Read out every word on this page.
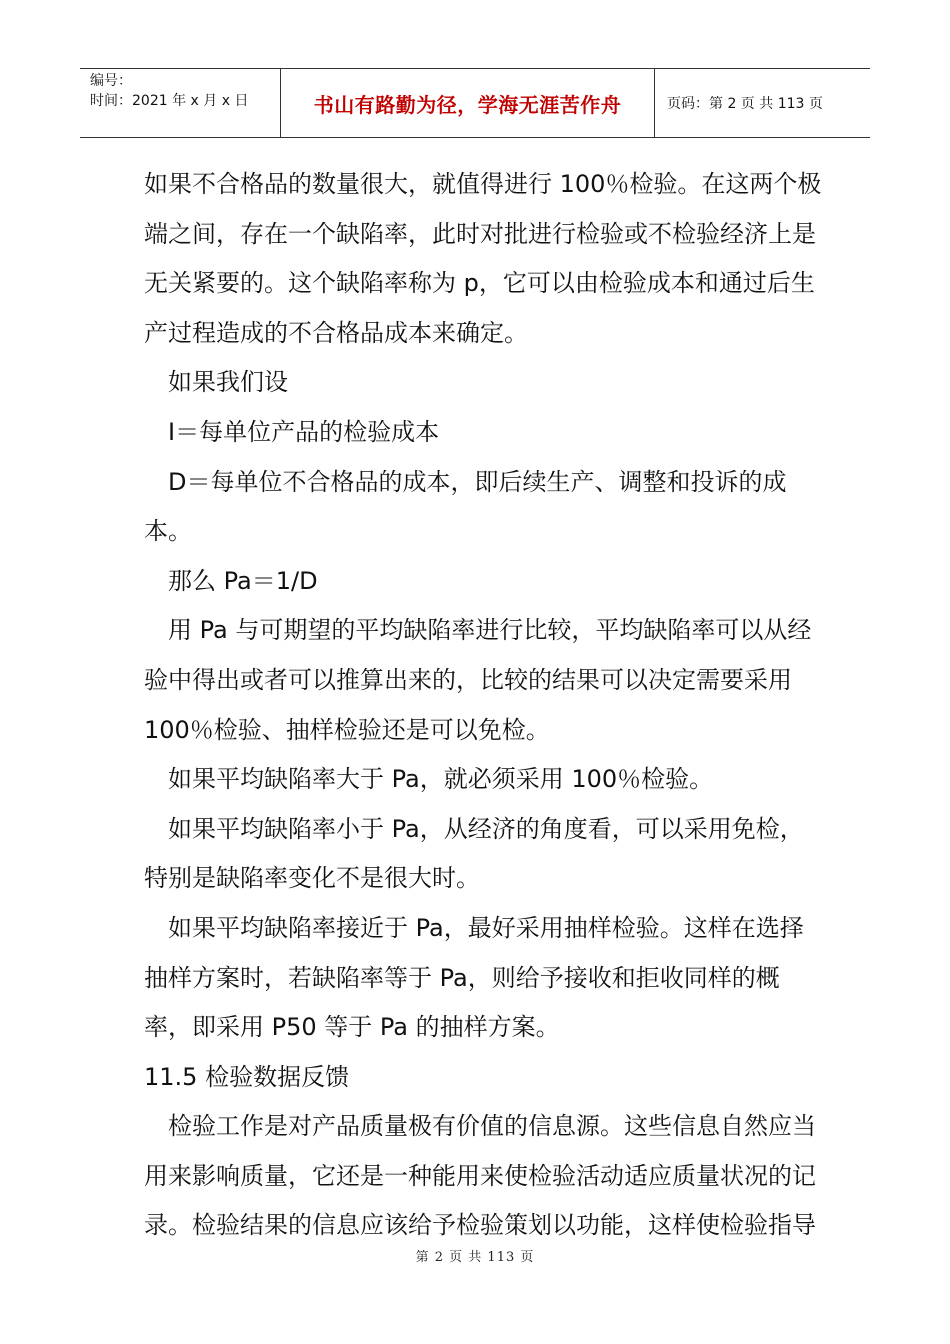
编号：
时间：2021 年 x 月 x 日	书山有路勤为径，学海无涯苦作舟	页码：第 2 页 共 113 页

如果不合格品的数量很大，就值得进行 100％检验。在这两个极端之间，存在一个缺陷率，此时对批进行检验或不检验经济上是无关紧要的。这个缺陷率称为 p，它可以由检验成本和通过后生产过程造成的不合格品成本来确定。

如果我们设

I＝每单位产品的检验成本

D＝每单位不合格品的成本，即后续生产、调整和投诉的成本。

那么 Pa＝1/D

用 Pa 与可期望的平均缺陷率进行比较，平均缺陷率可以从经验中得出或者可以推算出来的，比较的结果可以决定需要采用 100％检验、抽样检验还是可以免检。

如果平均缺陷率大于 Pa，就必须采用 100％检验。

如果平均缺陷率小于 Pa，从经济的角度看，可以采用免检，特别是缺陷率变化不是很大时。

如果平均缺陷率接近于 Pa，最好采用抽样检验。这样在选择抽样方案时，若缺陷率等于 Pa，则给予接收和拒收同样的概率，即采用 P50 等于 Pa 的抽样方案。

11.5 检验数据反馈

检验工作是对产品质量极有价值的信息源。这些信息自然应当用来影响质量，它还是一种能用来使检验活动适应质量状况的记录。检验结果的信息应该给予检验策划以功能，这样使检验指导

第 2 页 共 113 页
